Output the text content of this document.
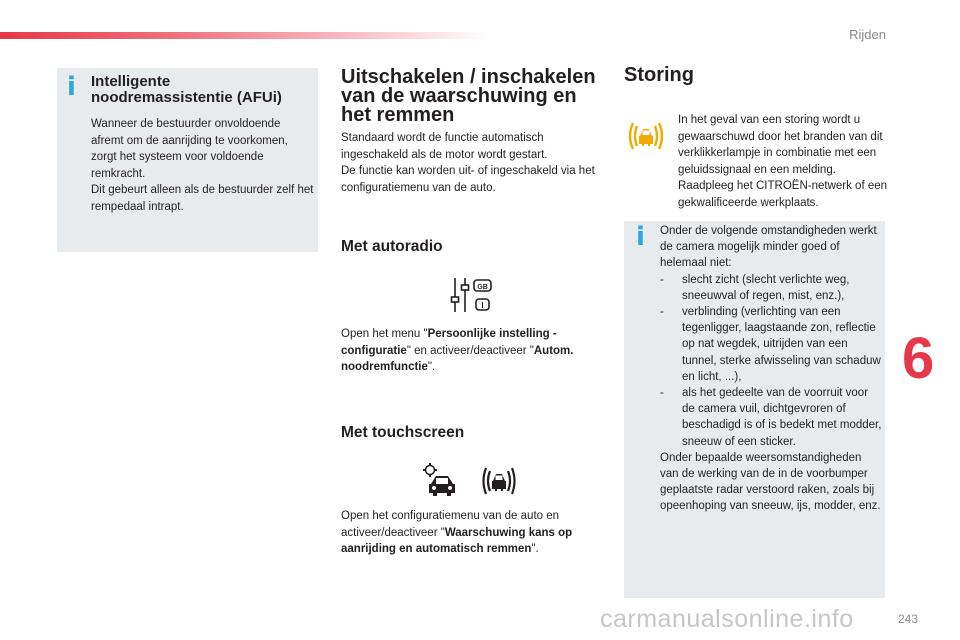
Rijden
6
i Intelligente noodremassistentie (AFUi)

Wanneer de bestuurder onvoldoende afremt om de aanrijding te voorkomen, zorgt het systeem voor voldoende remkracht.
Dit gebeurt alleen als de bestuurder zelf het rempedaal intrapt.

Uitschakelen / inschakelen van de waarschuwing en het remmen

Standaard wordt de functie automatisch ingeschakeld als de motor wordt gestart.
De functie kan worden uit- of ingeschakeld via het configuratiemenu van de auto.

Met autoradio
GB
I

Open het menu "Persoonlijke instelling - configuratie" en activeer/deactiveer "Autom. noodremfunctie".

Met touchscreen

Open het configuratiemenu van de auto en activeer/deactiveer "Waarschuwing kans op aanrijding en automatisch remmen".

Storing

In het geval van een storing wordt u gewaarschuwd door het branden van dit verklikkerlampje in combinatie met een geluidssignaal en een melding.
Raadpleeg het CITROËN-netwerk of een gekwalificeerde werkplaats.

i Onder de volgende omstandigheden werkt de camera mogelijk minder goed of helemaal niet:
- slecht zicht (slecht verlichte weg, sneeuwval of regen, mist, enz.),
- verblinding (verlichting van een tegenligger, laagstaande zon, reflectie op nat wegdek, uitrijden van een tunnel, sterke afwisseling van schaduw en licht, ...),
- als het gedeelte van de voorruit voor de camera vuil, dichtgevroren of beschadigd is of is bedekt met modder, sneeuw of een sticker.
Onder bepaalde weersomstandigheden van de werking van de in de voorbumper geplaatste radar verstoord raken, zoals bij opeenhoping van sneeuw, ijs, modder, enz.
carmanualsonline.info	243
